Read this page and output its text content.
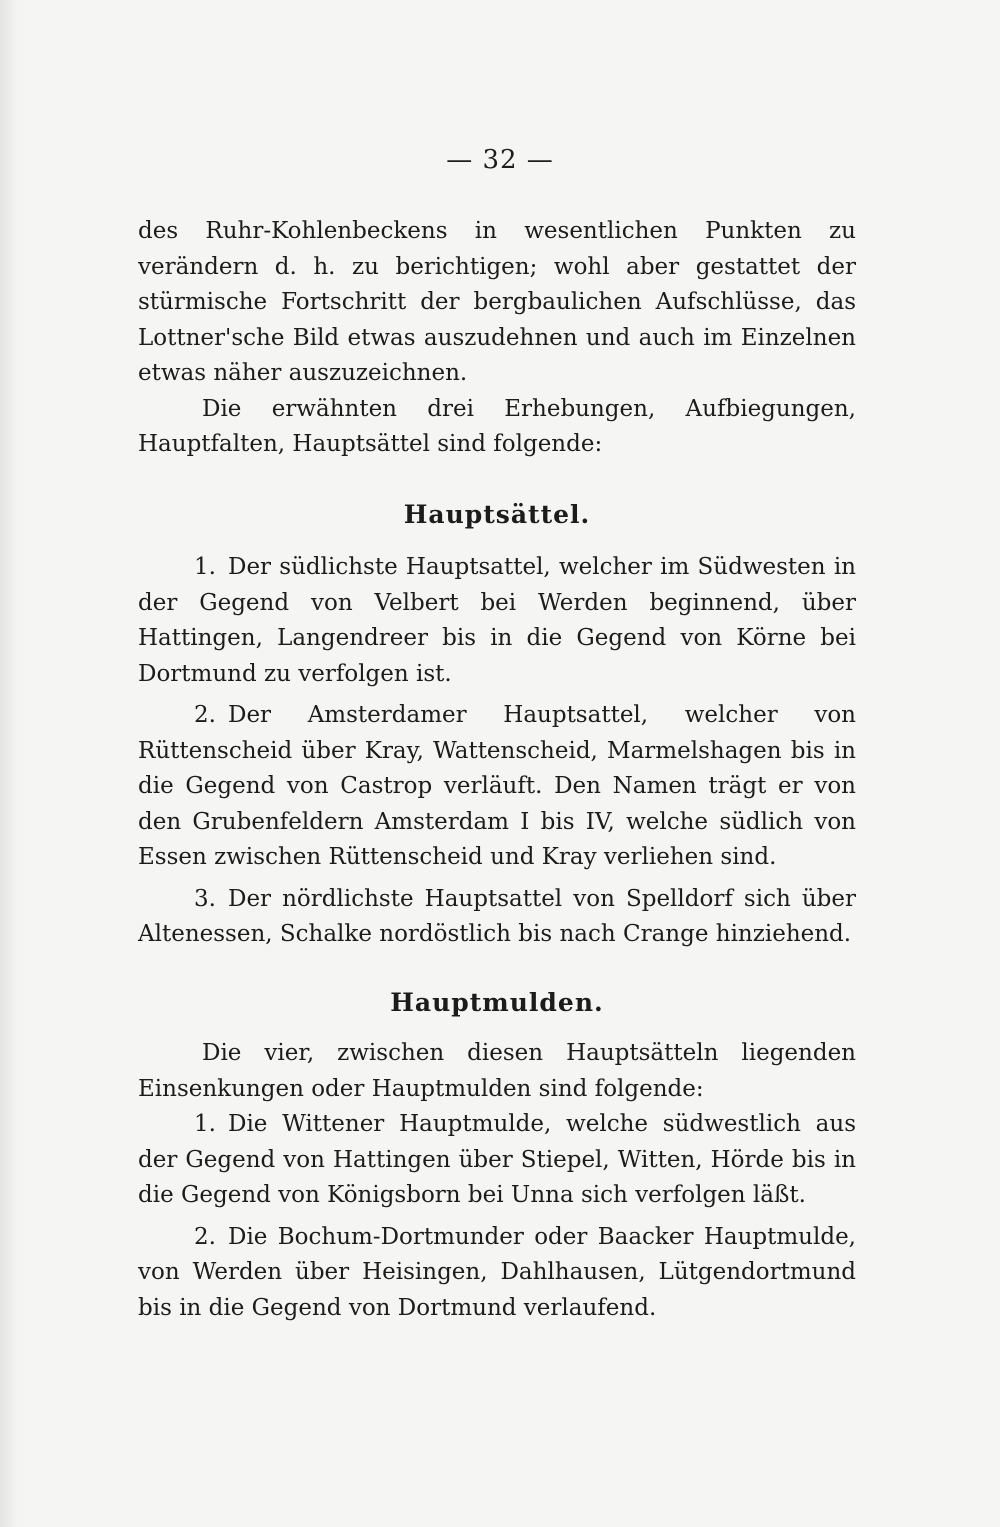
— 32 —

des Ruhr-Kohlenbeckens in wesentlichen Punkten zu verändern d. h. zu berichtigen; wohl aber gestattet der stürmische Fortschritt der bergbaulichen Aufschlüsse, das Lottner'sche Bild etwas auszudehnen und auch im Einzelnen etwas näher auszuzeichnen.

Die erwähnten drei Erhebungen, Aufbiegungen, Hauptfalten, Hauptsättel sind folgende:

Hauptsättel.
1. Der südlichste Hauptsattel, welcher im Südwesten in der Gegend von Velbert bei Werden beginnend, über Hattingen, Langendreer bis in die Gegend von Körne bei Dortmund zu verfolgen ist.
2. Der Amsterdamer Hauptsattel, welcher von Rüttenscheid über Kray, Wattenscheid, Marmelshagen bis in die Gegend von Castrop verläuft. Den Namen trägt er von den Grubenfeldern Amsterdam I bis IV, welche südlich von Essen zwischen Rüttenscheid und Kray verliehen sind.
3. Der nördlichste Hauptsattel von Spelldorf sich über Altenessen, Schalke nordöstlich bis nach Crange hinziehend.
Hauptmulden.

Die vier, zwischen diesen Hauptsätteln liegenden Einsenkungen oder Hauptmulden sind folgende:

1. Die Wittener Hauptmulde, welche südwestlich aus der Gegend von Hattingen über Stiepel, Witten, Hörde bis in die Gegend von Königsborn bei Unna sich verfolgen läßt.
2. Die Bochum-Dortmunder oder Baacker Hauptmulde, von Werden über Heisingen, Dahlhausen, Lütgendortmund bis in die Gegend von Dortmund verlaufend.
